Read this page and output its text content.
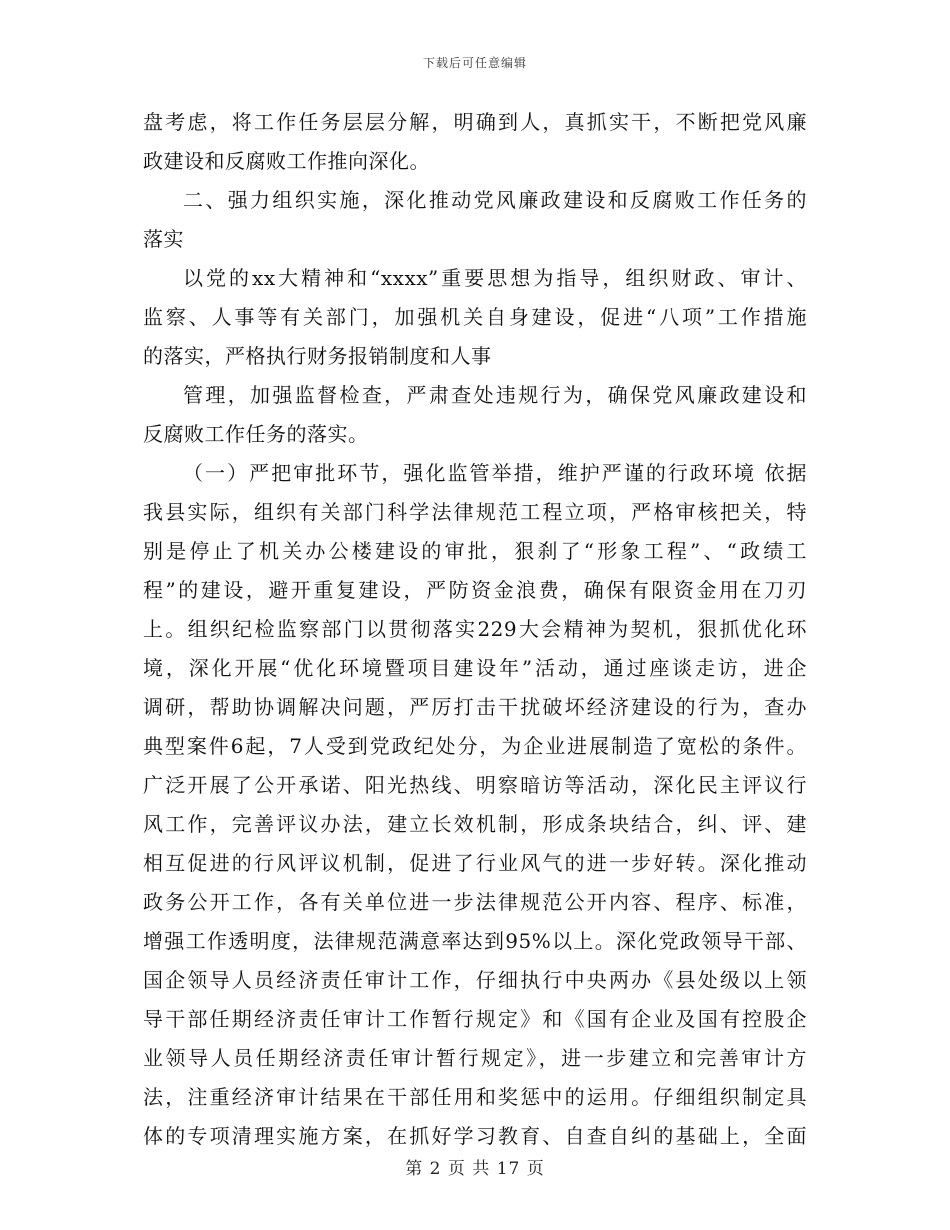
下载后可任意编辑
盘考虑，将工作任务层层分解，明确到人，真抓实干，不断把党风廉
政建设和反腐败工作推向深化。
二、强力组织实施，深化推动党风廉政建设和反腐败工作任务的
落实
以党的xx大精神和“xxxx”重要思想为指导，组织财政、审计、
监察、人事等有关部门，加强机关自身建设，促进“八项”工作措施
的落实，严格执行财务报销制度和人事
管理，加强监督检查，严肃查处违规行为，确保党风廉政建设和
反腐败工作任务的落实。
（一）严把审批环节，强化监管举措，维护严谨的行政环境 依据
我县实际，组织有关部门科学法律规范工程立项，严格审核把关，特
别是停止了机关办公楼建设的审批，狠刹了“形象工程”、“政绩工
程”的建设，避开重复建设，严防资金浪费，确保有限资金用在刀刃
上。组织纪检监察部门以贯彻落实229大会精神为契机，狠抓优化环
境，深化开展“优化环境暨项目建设年”活动，通过座谈走访，进企
调研，帮助协调解决问题，严厉打击干扰破坏经济建设的行为，查办
典型案件6起，7人受到党政纪处分，为企业进展制造了宽松的条件。
广泛开展了公开承诺、阳光热线、明察暗访等活动，深化民主评议行
风工作，完善评议办法，建立长效机制，形成条块结合，纠、评、建
相互促进的行风评议机制，促进了行业风气的进一步好转。深化推动
政务公开工作，各有关单位进一步法律规范公开内容、程序、标准，
增强工作透明度，法律规范满意率达到95%以上。深化党政领导干部、
国企领导人员经济责任审计工作，仔细执行中央两办《县处级以上领
导干部任期经济责任审计工作暂行规定》和《国有企业及国有控股企
业领导人员任期经济责任审计暂行规定》，进一步建立和完善审计方
法，注重经济审计结果在干部任用和奖惩中的运用。仔细组织制定具
体的专项清理实施方案，在抓好学习教育、自查自纠的基础上，全面
第 2 页 共 17 页
